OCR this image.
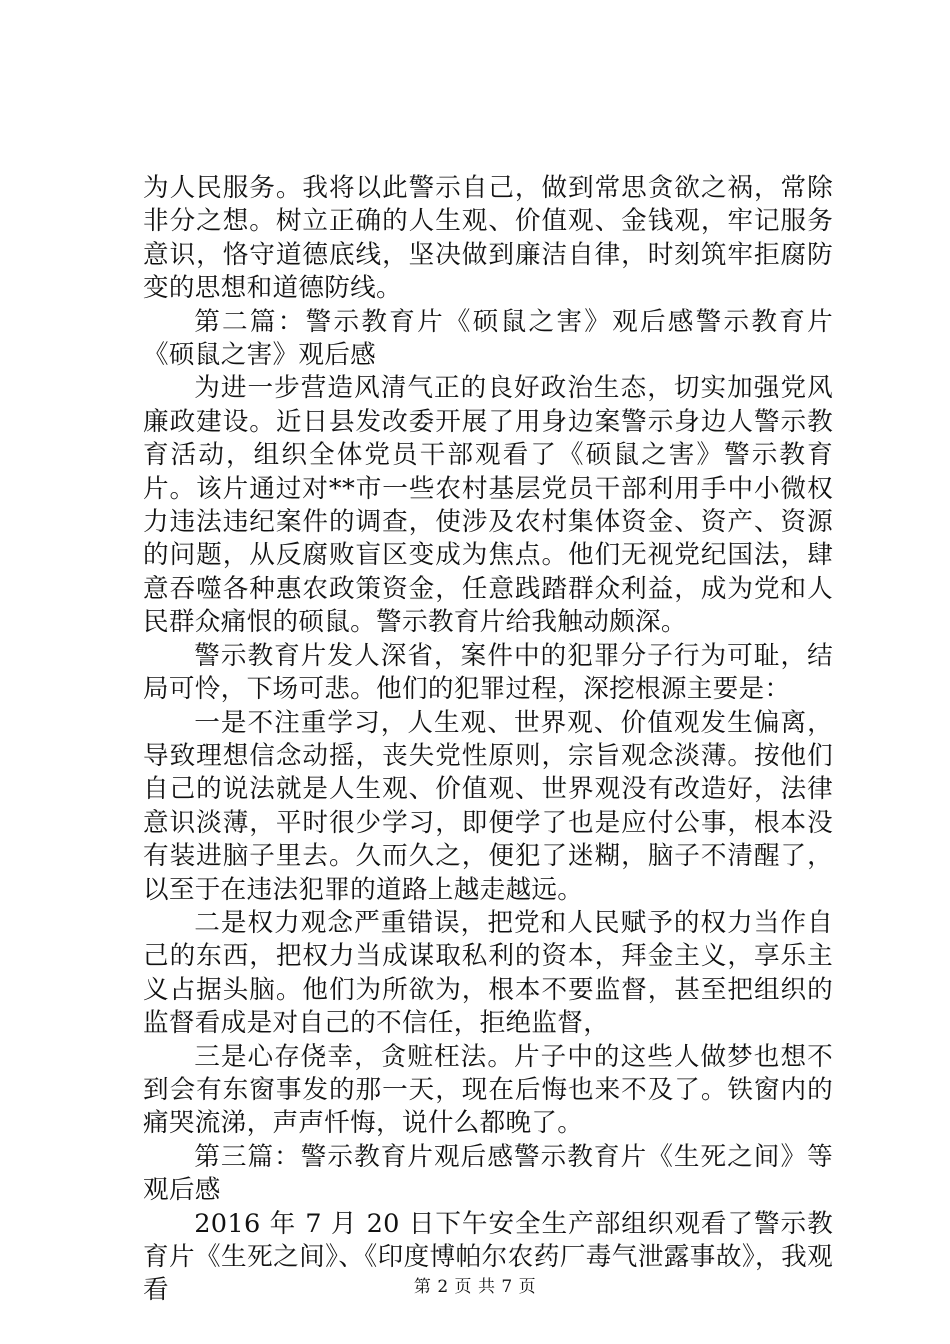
为人民服务。我将以此警示自己，做到常思贪欲之祸，常除非分之想。树立正确的人生观、价值观、金钱观，牢记服务意识，恪守道德底线，坚决做到廉洁自律，时刻筑牢拒腐防变的思想和道德防线。

第二篇：警示教育片《硕鼠之害》观后感警示教育片《硕鼠之害》观后感

为进一步营造风清气正的良好政治生态，切实加强党风廉政建设。近日县发改委开展了用身边案警示身边人警示教育活动，组织全体党员干部观看了《硕鼠之害》警示教育片。该片通过对**市一些农村基层党员干部利用手中小微权力违法违纪案件的调查，使涉及农村集体资金、资产、资源的问题，从反腐败盲区变成为焦点。他们无视党纪国法，肆意吞噬各种惠农政策资金，任意践踏群众利益，成为党和人民群众痛恨的硕鼠。警示教育片给我触动颇深。

警示教育片发人深省，案件中的犯罪分子行为可耻，结局可怜，下场可悲。他们的犯罪过程，深挖根源主要是：

一是不注重学习，人生观、世界观、价值观发生偏离，导致理想信念动摇，丧失党性原则，宗旨观念淡薄。按他们自己的说法就是人生观、价值观、世界观没有改造好，法律意识淡薄，平时很少学习，即便学了也是应付公事，根本没有装进脑子里去。久而久之，便犯了迷糊，脑子不清醒了，以至于在违法犯罪的道路上越走越远。

二是权力观念严重错误，把党和人民赋予的权力当作自己的东西，把权力当成谋取私利的资本，拜金主义，享乐主义占据头脑。他们为所欲为，根本不要监督，甚至把组织的监督看成是对自己的不信任，拒绝监督，

三是心存侥幸，贪赃枉法。片子中的这些人做梦也想不到会有东窗事发的那一天，现在后悔也来不及了。铁窗内的痛哭流涕，声声忏悔，说什么都晚了。

第三篇：警示教育片观后感警示教育片《生死之间》等观后感

2016 年 7 月 20 日下午安全生产部组织观看了警示教育片《生死之间》、《印度博帕尔农药厂毒气泄露事故》，我观看	第 2 页 共 7 页
